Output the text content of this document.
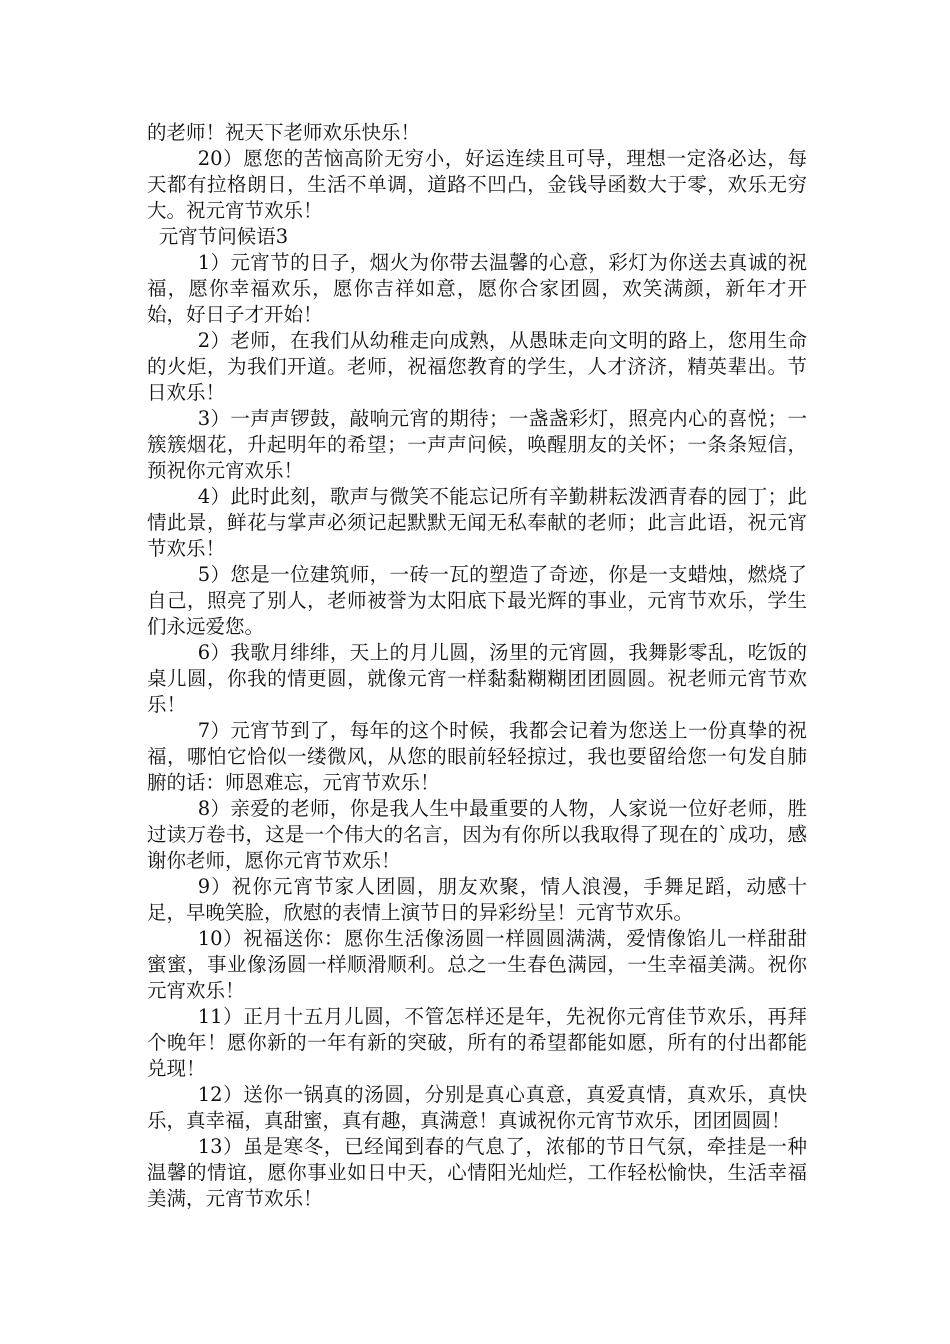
的老师！祝天下老师欢乐快乐！

20）愿您的苦恼高阶无穷小，好运连续且可导，理想一定洛必达，每天都有拉格朗日，生活不单调，道路不凹凸，金钱导函数大于零，欢乐无穷大。祝元宵节欢乐！

元宵节问候语3

1）元宵节的日子，烟火为你带去温馨的心意，彩灯为你送去真诚的祝福，愿你幸福欢乐，愿你吉祥如意，愿你合家团圆，欢笑满颜，新年才开始，好日子才开始！

2）老师，在我们从幼稚走向成熟，从愚昧走向文明的路上，您用生命的火炬，为我们开道。老师，祝福您教育的学生，人才济济，精英辈出。节日欢乐！

3）一声声锣鼓，敲响元宵的期待；一盏盏彩灯，照亮内心的喜悦；一簇簇烟花，升起明年的希望；一声声问候，唤醒朋友的关怀；一条条短信，预祝你元宵欢乐！

4）此时此刻，歌声与微笑不能忘记所有辛勤耕耘泼洒青春的园丁；此情此景，鲜花与掌声必须记起默默无闻无私奉献的老师；此言此语，祝元宵节欢乐！

5）您是一位建筑师，一砖一瓦的塑造了奇迹，你是一支蜡烛，燃烧了自己，照亮了别人，老师被誉为太阳底下最光辉的事业，元宵节欢乐，学生们永远爱您。

6）我歌月绯绯，天上的月儿圆，汤里的元宵圆，我舞影零乱，吃饭的桌儿圆，你我的情更圆，就像元宵一样黏黏糊糊团团圆圆。祝老师元宵节欢乐！

7）元宵节到了，每年的这个时候，我都会记着为您送上一份真挚的祝福，哪怕它恰似一缕微风，从您的眼前轻轻掠过，我也要留给您一句发自肺腑的话：师恩难忘，元宵节欢乐！

8）亲爱的老师，你是我人生中最重要的人物，人家说一位好老师，胜过读万卷书，这是一个伟大的名言，因为有你所以我取得了现在的`成功，感谢你老师，愿你元宵节欢乐！

9）祝你元宵节家人团圆，朋友欢聚，情人浪漫，手舞足蹈，动感十足，早晚笑脸，欣慰的表情上演节日的异彩纷呈！元宵节欢乐。

10）祝福送你：愿你生活像汤圆一样圆圆满满，爱情像馅儿一样甜甜蜜蜜，事业像汤圆一样顺滑顺利。总之一生春色满园，一生幸福美满。祝你元宵欢乐！

11）正月十五月儿圆，不管怎样还是年，先祝你元宵佳节欢乐，再拜个晚年！愿你新的一年有新的突破，所有的希望都能如愿，所有的付出都能兑现！

12）送你一锅真的汤圆，分别是真心真意，真爱真情，真欢乐，真快乐，真幸福，真甜蜜，真有趣，真满意！真诚祝你元宵节欢乐，团团圆圆！

13）虽是寒冬，已经闻到春的气息了，浓郁的节日气氛，牵挂是一种温馨的情谊，愿你事业如日中天，心情阳光灿烂，工作轻松愉快，生活幸福美满，元宵节欢乐！
